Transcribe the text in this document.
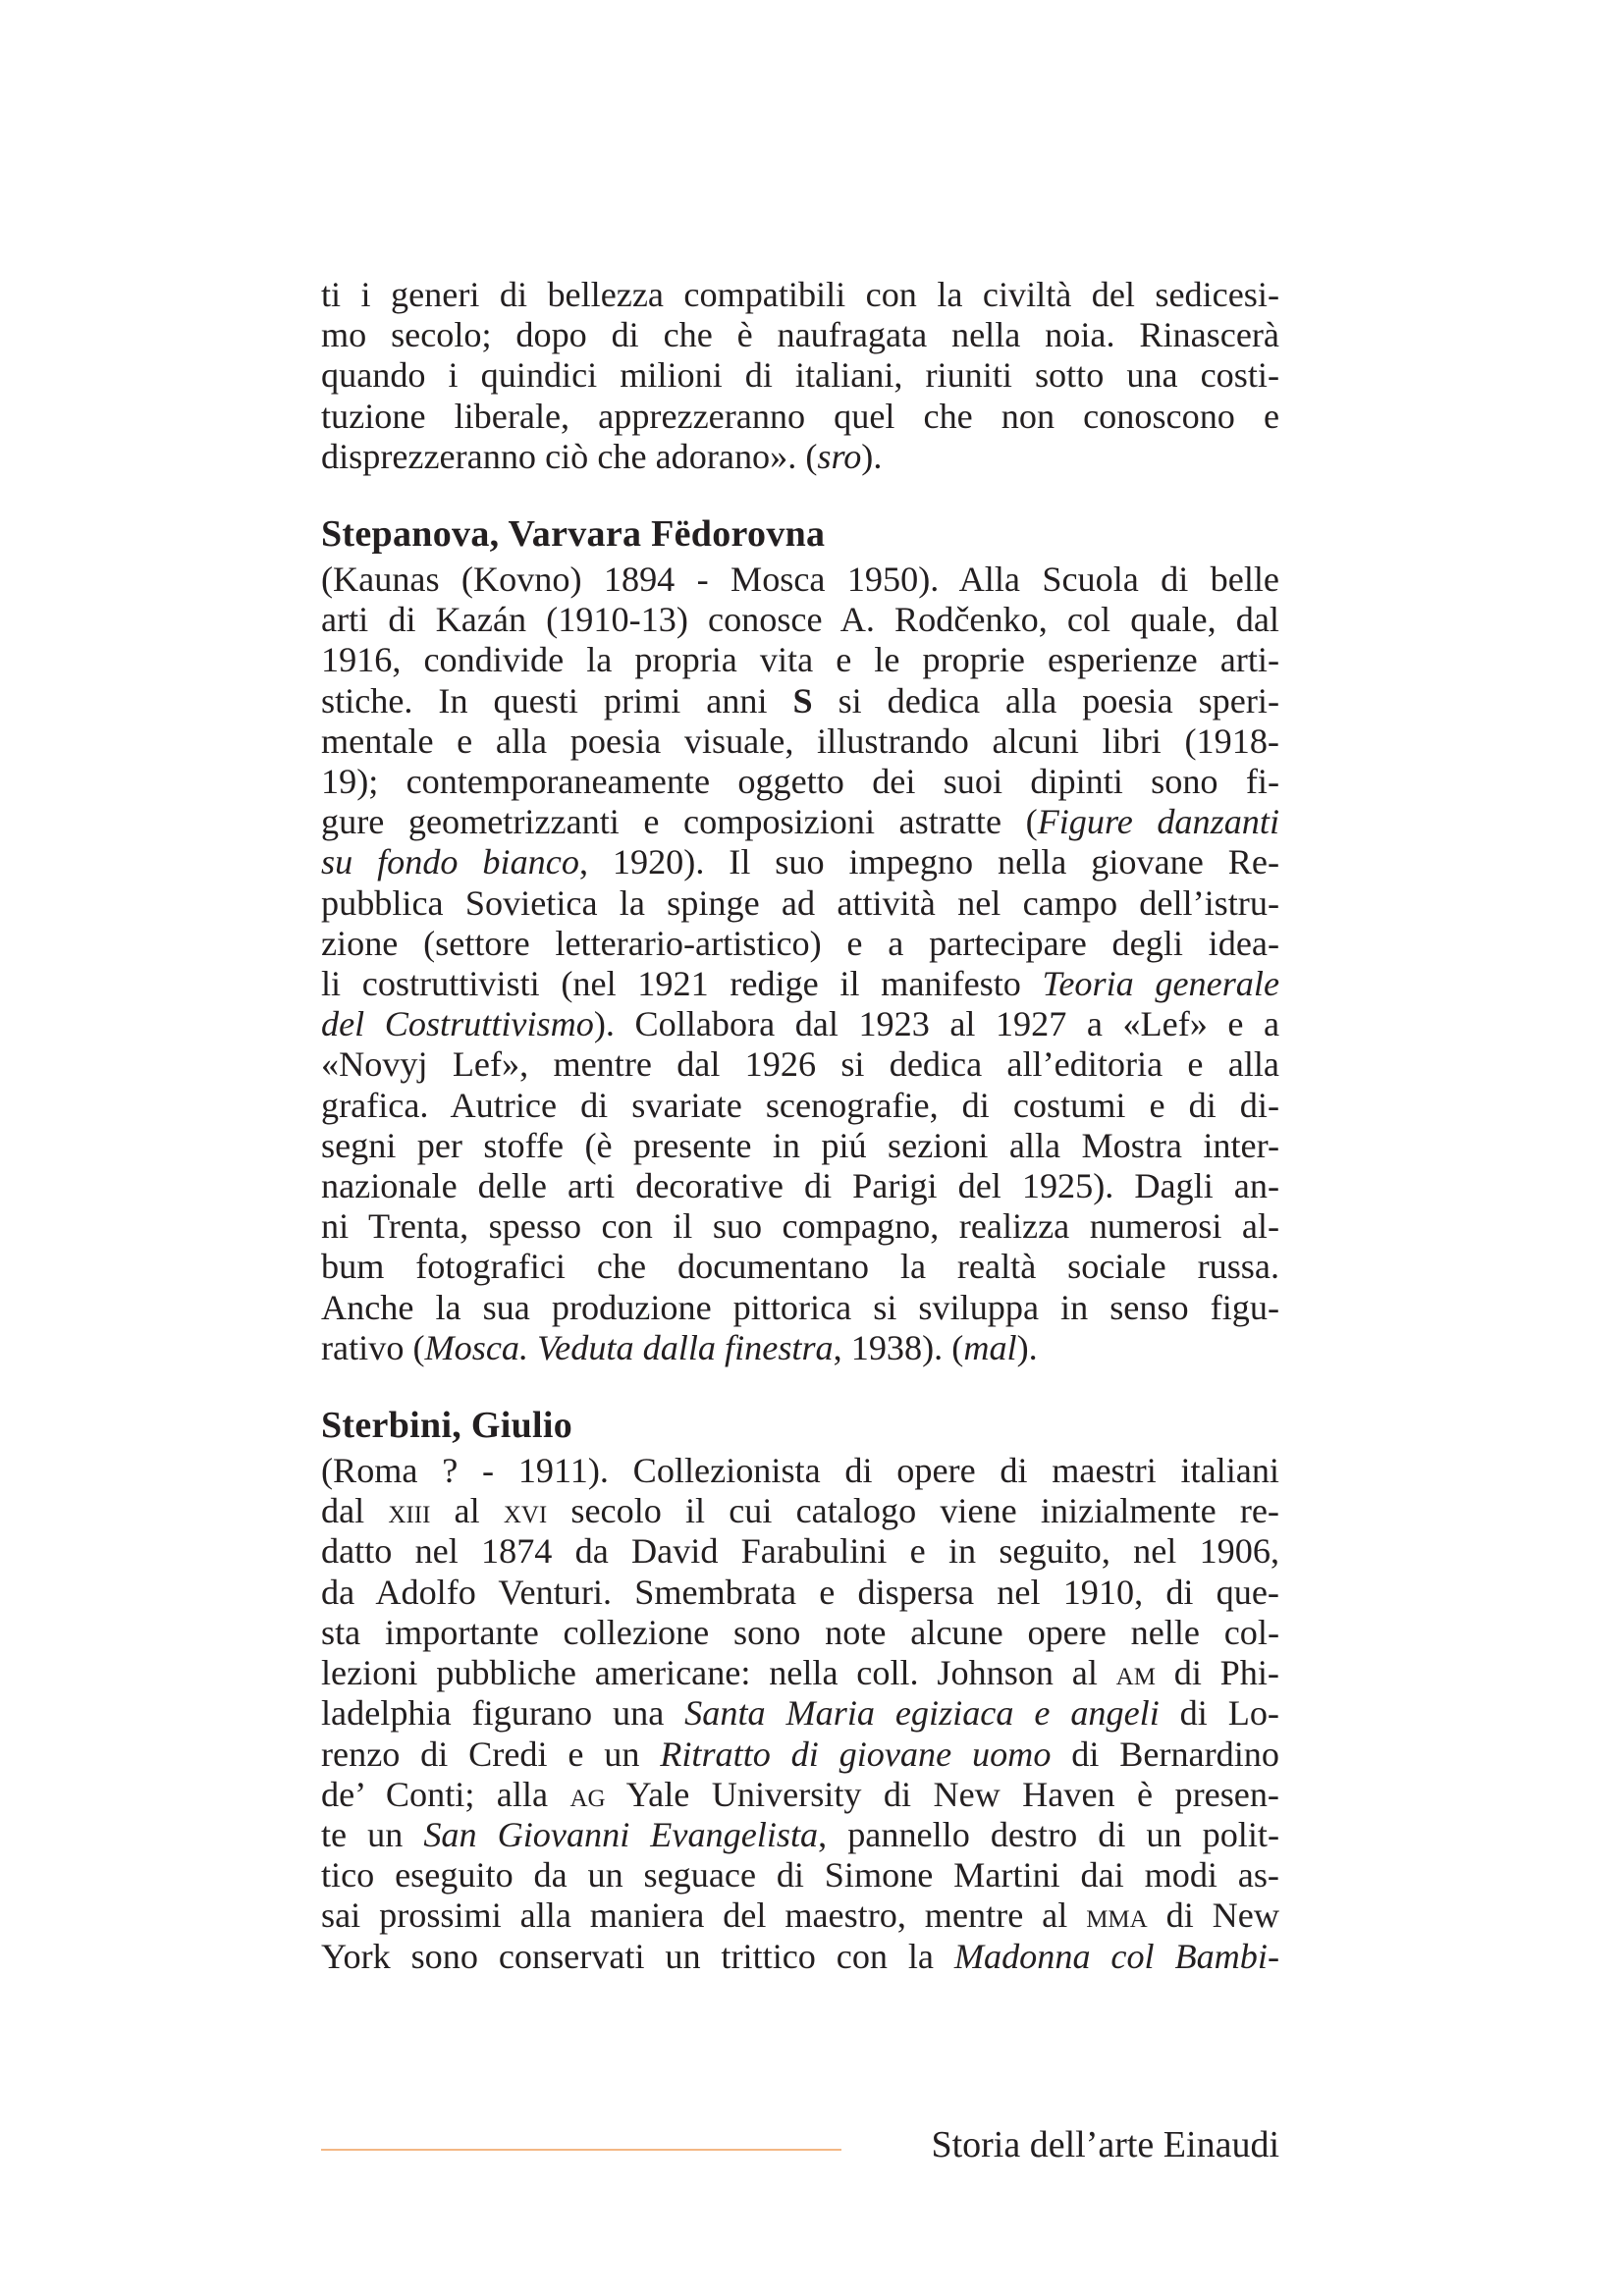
ti i generi di bellezza compatibili con la civiltà del sedicesi-
mo secolo; dopo di che è naufragata nella noia. Rinascerà
quando i quindici milioni di italiani, riuniti sotto una costi-
tuzione liberale, apprezzeranno quel che non conoscono e
disprezzeranno ciò che adorano». (sro).

Stepanova, Varvara Fëdorovna

(Kaunas (Kovno) 1894 - Mosca 1950). Alla Scuola di belle
arti di Kazán (1910-13) conosce A. Rodčenko, col quale, dal
1916, condivide la propria vita e le proprie esperienze arti-
stiche. In questi primi anni S si dedica alla poesia speri-
mentale e alla poesia visuale, illustrando alcuni libri (1918-
19); contemporaneamente oggetto dei suoi dipinti sono fi-
gure geometrizzanti e composizioni astratte (Figure danzanti
su fondo bianco, 1920). Il suo impegno nella giovane Re-
pubblica Sovietica la spinge ad attività nel campo dell’istru-
zione (settore letterario-artistico) e a partecipare degli idea-
li costruttivisti (nel 1921 redige il manifesto Teoria generale
del Costruttivismo). Collabora dal 1923 al 1927 a «Lef» e a
«Novyj Lef», mentre dal 1926 si dedica all’editoria e alla
grafica. Autrice di svariate scenografie, di costumi e di di-
segni per stoffe (è presente in piú sezioni alla Mostra inter-
nazionale delle arti decorative di Parigi del 1925). Dagli an-
ni Trenta, spesso con il suo compagno, realizza numerosi al-
bum fotografici che documentano la realtà sociale russa.
Anche la sua produzione pittorica si sviluppa in senso figu-
rativo (Mosca. Veduta dalla finestra, 1938). (mal).

Sterbini, Giulio

(Roma ? - 1911). Collezionista di opere di maestri italiani
dal xiii al xvi secolo il cui catalogo viene inizialmente re-
datto nel 1874 da David Farabulini e in seguito, nel 1906,
da Adolfo Venturi. Smembrata e dispersa nel 1910, di que-
sta importante collezione sono note alcune opere nelle col-
lezioni pubbliche americane: nella coll. Johnson al am di Phi-
ladelphia figurano una Santa Maria egiziaca e angeli di Lo-
renzo di Credi e un Ritratto di giovane uomo di Bernardino
de’ Conti; alla ag Yale University di New Haven è presen-
te un San Giovanni Evangelista, pannello destro di un polit-
tico eseguito da un seguace di Simone Martini dai modi as-
sai prossimi alla maniera del maestro, mentre al mma di New
York sono conservati un trittico con la Madonna col Bambi-

Storia dell’arte Einaudi
